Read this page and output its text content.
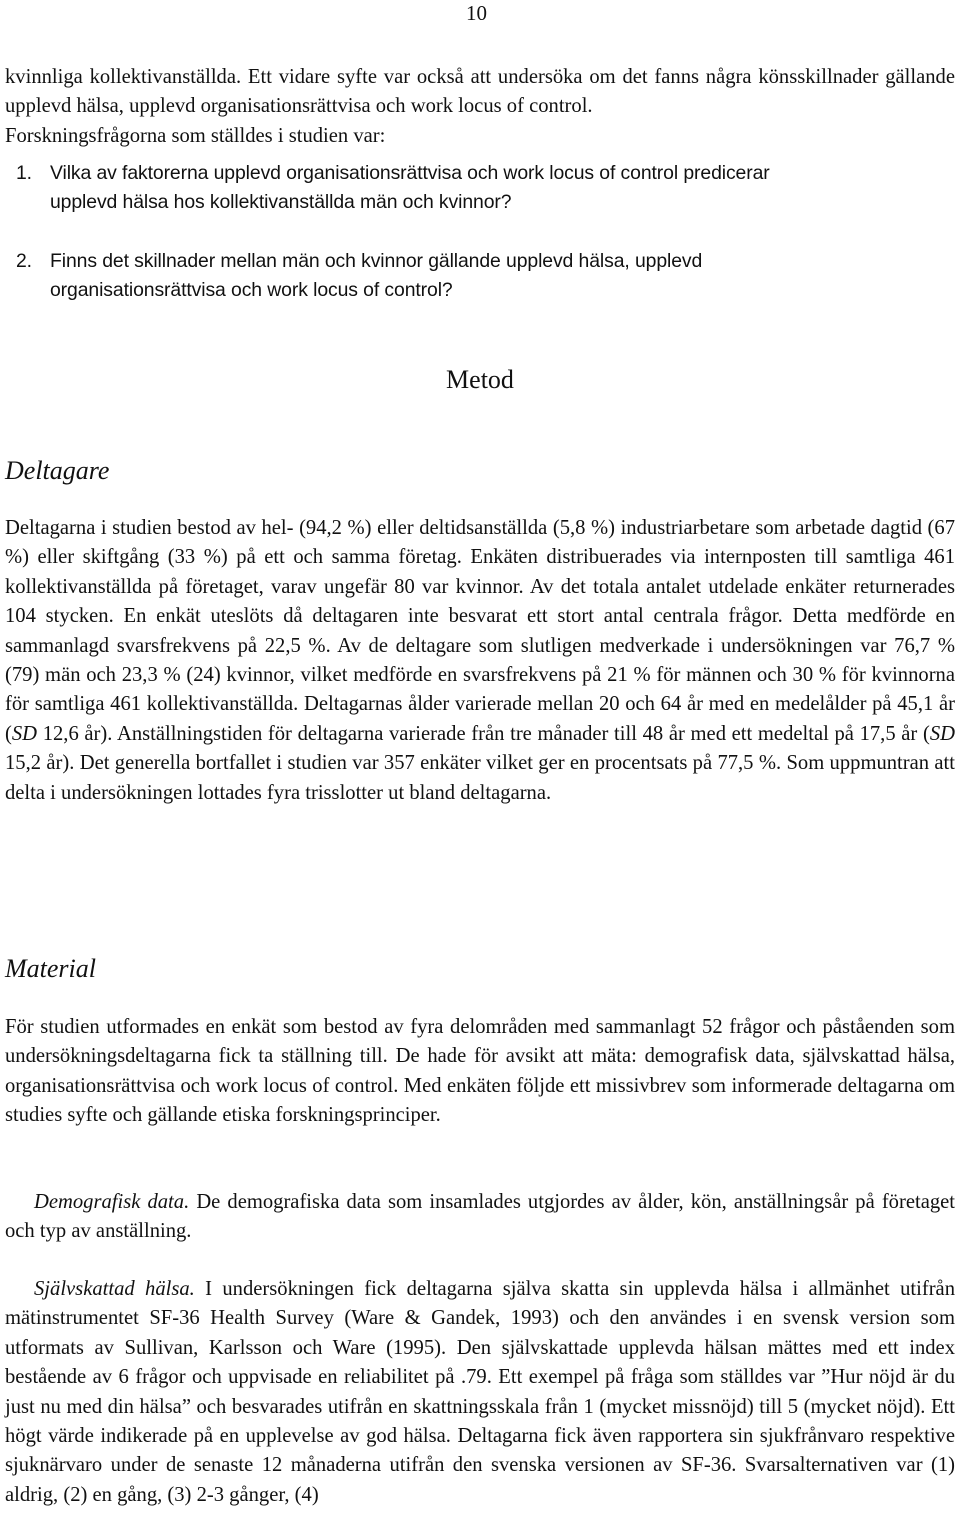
10

kvinnliga kollektivanställda. Ett vidare syfte var också att undersöka om det fanns några könsskillnader gällande upplevd hälsa, upplevd organisationsrättvisa och work locus of control.

Forskningsfrågorna som ställdes i studien var:

1. Vilka av faktorerna upplevd organisationsrättvisa och work locus of control predicerar
upplevd hälsa hos kollektivanställda män och kvinnor?
2. Finns det skillnader mellan män och kvinnor gällande upplevd hälsa, upplevd
organisationsrättvisa och work locus of control?
Metod
Deltagare

Deltagarna i studien bestod av hel- (94,2 %) eller deltidsanställda (5,8 %) industriarbetare som arbetade dagtid (67 %) eller skiftgång (33 %) på ett och samma företag. Enkäten distribuerades via internposten till samtliga 461 kollektivanställda på företaget, varav ungefär 80 var kvinnor. Av det totala antalet utdelade enkäter returnerades 104 stycken. En enkät uteslöts då deltagaren inte besvarat ett stort antal centrala frågor. Detta medförde en sammanlagd svarsfrekvens på 22,5 %. Av de deltagare som slutligen medverkade i undersökningen var 76,7 % (79) män och 23,3 % (24) kvinnor, vilket medförde en svarsfrekvens på 21 % för männen och 30 % för kvinnorna för samtliga 461 kollektivanställda. Deltagarnas ålder varierade mellan 20 och 64 år med en medelålder på 45,1 år (SD 12,6 år). Anställningstiden för deltagarna varierade från tre månader till 48 år med ett medeltal på 17,5 år (SD 15,2 år). Det generella bortfallet i studien var 357 enkäter vilket ger en procentsats på 77,5 %. Som uppmuntran att delta i undersökningen lottades fyra trisslotter ut bland deltagarna.

Material

För studien utformades en enkät som bestod av fyra delområden med sammanlagt 52 frågor och påståenden som undersökningsdeltagarna fick ta ställning till. De hade för avsikt att mäta: demografisk data, självskattad hälsa, organisationsrättvisa och work locus of control. Med enkäten följde ett missivbrev som informerade deltagarna om studies syfte och gällande etiska forskningsprinciper.

Demografisk data. De demografiska data som insamlades utgjordes av ålder, kön, anställningsår på företaget och typ av anställning.

Självskattad hälsa. I undersökningen fick deltagarna själva skatta sin upplevda hälsa i allmänhet utifrån mätinstrumentet SF-36 Health Survey (Ware & Gandek, 1993) och den användes i en svensk version som utformats av Sullivan, Karlsson och Ware (1995). Den självskattade upplevda hälsan mättes med ett index bestående av 6 frågor och uppvisade en reliabilitet på .79. Ett exempel på fråga som ställdes var ”Hur nöjd är du just nu med din hälsa” och besvarades utifrån en skattningsskala från 1 (mycket missnöjd) till 5 (mycket nöjd). Ett högt värde indikerade på en upplevelse av god hälsa. Deltagarna fick även rapportera sin sjukfrånvaro respektive sjuknärvaro under de senaste 12 månaderna utifrån den svenska versionen av SF-36. Svarsalternativen var (1) aldrig, (2) en gång, (3) 2-3 gånger, (4)
